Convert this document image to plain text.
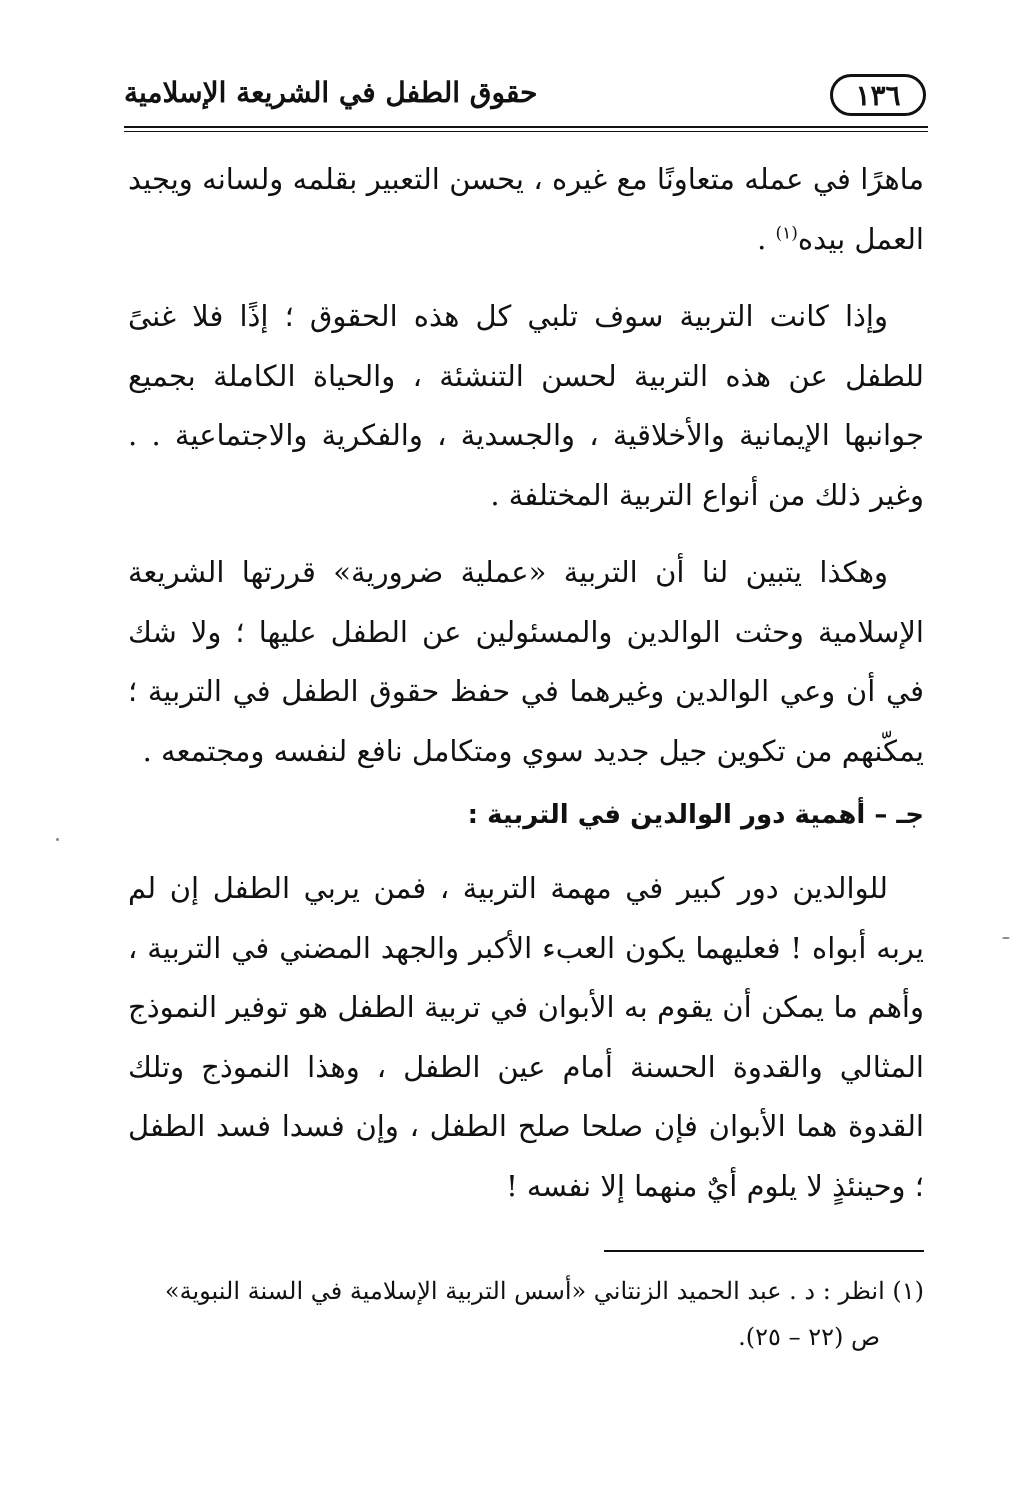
حقوق الطفل في الشريعة الإسلامية	١٣٦

ماهرًا في عمله متعاونًا مع غيره ، يحسن التعبير بقلمه ولسانه ويجيد العمل بيده$^{(١)}$ .

وإذا كانت التربية سوف تلبي كل هذه الحقوق ؛ إذًا فلا غنىً للطفل عن هذه التربية لحسن التنشئة ، والحياة الكاملة بجميع جوانبها الإيمانية والأخلاقية ، والجسدية ، والفكرية والاجتماعية . . وغير ذلك من أنواع التربية المختلفة .

وهكذا يتبين لنا أن التربية «عملية ضرورية» قررتها الشريعة الإسلامية وحثت الوالدين والمسئولين عن الطفل عليها ؛ ولا شك في أن وعي الوالدين وغيرهما في حفظ حقوق الطفل في التربية ؛ يمكّنهم من تكوين جيل جديد سوي ومتكامل نافع لنفسه ومجتمعه .

جـ – أهمية دور الوالدين في التربية :

للوالدين دور كبير في مهمة التربية ، فمن يربي الطفل إن لم يربه أبواه ! فعليهما يكون العبء الأكبر والجهد المضني في التربية ، وأهم ما يمكن أن يقوم به الأبوان في تربية الطفل هو توفير النموذج المثالي والقدوة الحسنة أمام عين الطفل ، وهذا النموذج وتلك القدوة هما الأبوان فإن صلحا صلح الطفل ، وإن فسدا فسد الطفل ؛ وحينئذٍ لا يلوم أيٌ منهما إلا نفسه !

(١) انظر : د . عبد الحميد الزنتاني «أسس التربية الإسلامية في السنة النبوية»

ص (٢٢ – ٢٥).
